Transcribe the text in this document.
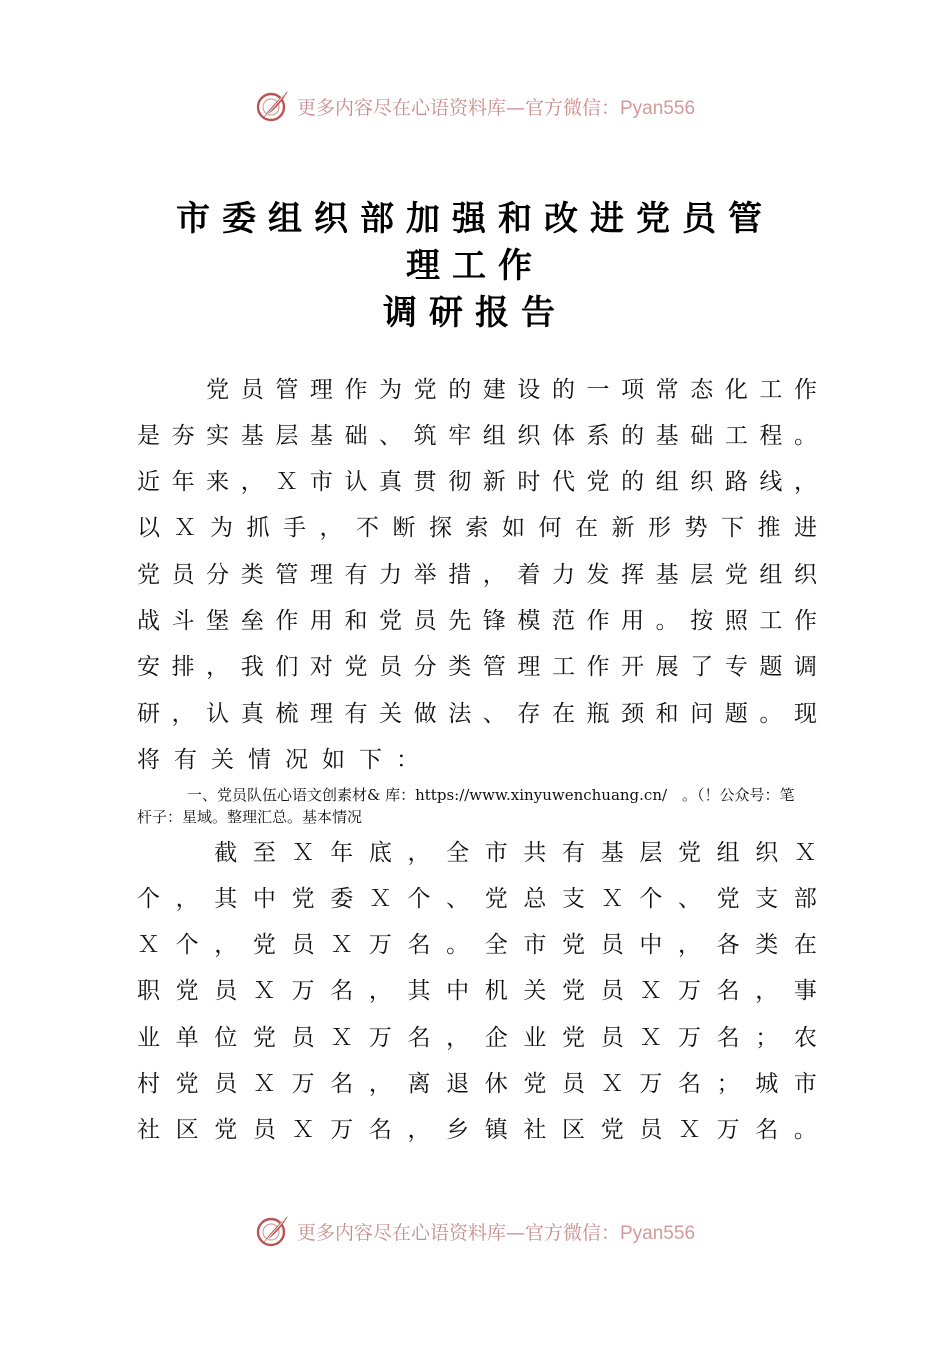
更多内容尽在心语资料库—官方微信：Pyan556
市委组织部加强和改进党员管
理工作
调研报告

党 员 管 理 作 为 党 的 建 设 的 一 项 常 态 化 工 作
是 夯 实 基 层 基 础 、 筑 牢 组 织 体 系 的 基 础 工 程 。
近 年 来 ， Ｘ 市 认 真 贯 彻 新 时 代 党 的 组 织 路 线 ，
以 Ｘ 为 抓 手 ， 不 断 探 索 如 何 在 新 形 势 下 推 进
党 员 分 类 管 理 有 力 举 措 ， 着 力 发 挥 基 层 党 组 织
战 斗 堡 垒 作 用 和 党 员 先 锋 模 范 作 用 。 按 照 工 作
安 排 ， 我 们 对 党 员 分 类 管 理 工 作 开 展 了 专 题 调
研 ， 认 真 梳 理 有 关 做 法 、 存 在 瓶 颈 和 问 题 。 现
将 有 关 情 况 如 下 ：
一、党员队伍心语文创素材& 库：https://www.xinyuwenchuang.cn/　。（！公众号：笔
杆子：星域。整理汇总。基本情况

截 至 Ｘ 年 底 ， 全 市 共 有 基 层 党 组 织 Ｘ
个 ， 其 中 党 委 Ｘ 个 、 党 总 支 Ｘ 个 、 党 支 部
Ｘ 个 ， 党 员 Ｘ 万 名 。 全 市 党 员 中 ， 各 类 在
职 党 员 Ｘ 万 名 ， 其 中 机 关 党 员 Ｘ 万 名 ， 事
业 单 位 党 员 Ｘ 万 名 ， 企 业 党 员 Ｘ 万 名 ； 农
村 党 员 Ｘ 万 名 ， 离 退 休 党 员 Ｘ 万 名 ； 城 市
社 区 党 员 Ｘ 万 名 ， 乡 镇 社 区 党 员 Ｘ 万 名 。
更多内容尽在心语资料库—官方微信：Pyan556
